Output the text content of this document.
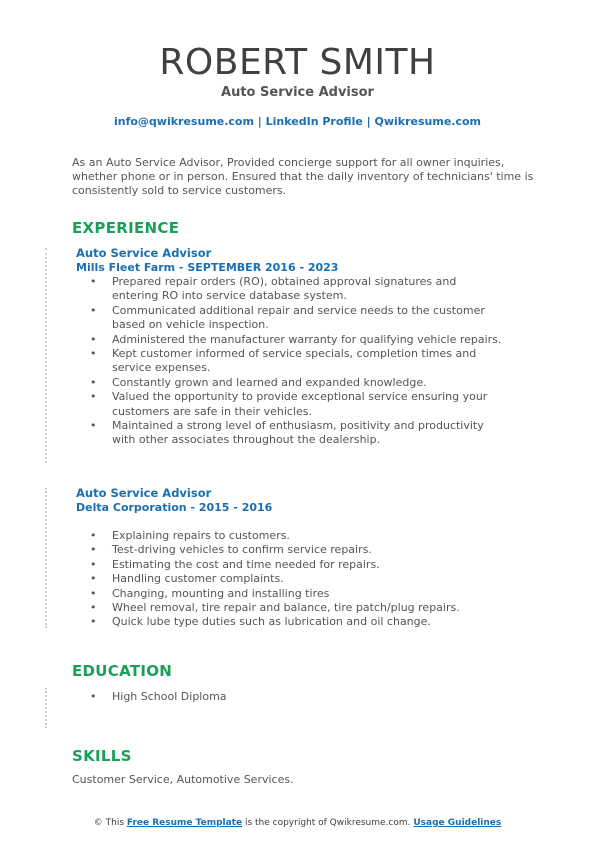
ROBERT SMITH
Auto Service Advisor
info@qwikresume.com | LinkedIn Profile | Qwikresume.com
As an Auto Service Advisor, Provided concierge support for all owner inquiries, whether phone or in person. Ensured that the daily inventory of technicians' time is consistently sold to service customers.
EXPERIENCE
Auto Service Advisor
Mills Fleet Farm - SEPTEMBER 2016 - 2023
• Prepared repair orders (RO), obtained approval signatures and entering RO into service database system.
• Communicated additional repair and service needs to the customer based on vehicle inspection.
• Administered the manufacturer warranty for qualifying vehicle repairs.
• Kept customer informed of service specials, completion times and service expenses.
• Constantly grown and learned and expanded knowledge.
• Valued the opportunity to provide exceptional service ensuring your customers are safe in their vehicles.
• Maintained a strong level of enthusiasm, positivity and productivity with other associates throughout the dealership.
Auto Service Advisor
Delta Corporation - 2015 - 2016
• Explaining repairs to customers.
• Test-driving vehicles to confirm service repairs.
• Estimating the cost and time needed for repairs.
• Handling customer complaints.
• Changing, mounting and installing tires
• Wheel removal, tire repair and balance, tire patch/plug repairs.
• Quick lube type duties such as lubrication and oil change.
EDUCATION
• High School Diploma
SKILLS
Customer Service, Automotive Services.
© This Free Resume Template is the copyright of Qwikresume.com. Usage Guidelines
